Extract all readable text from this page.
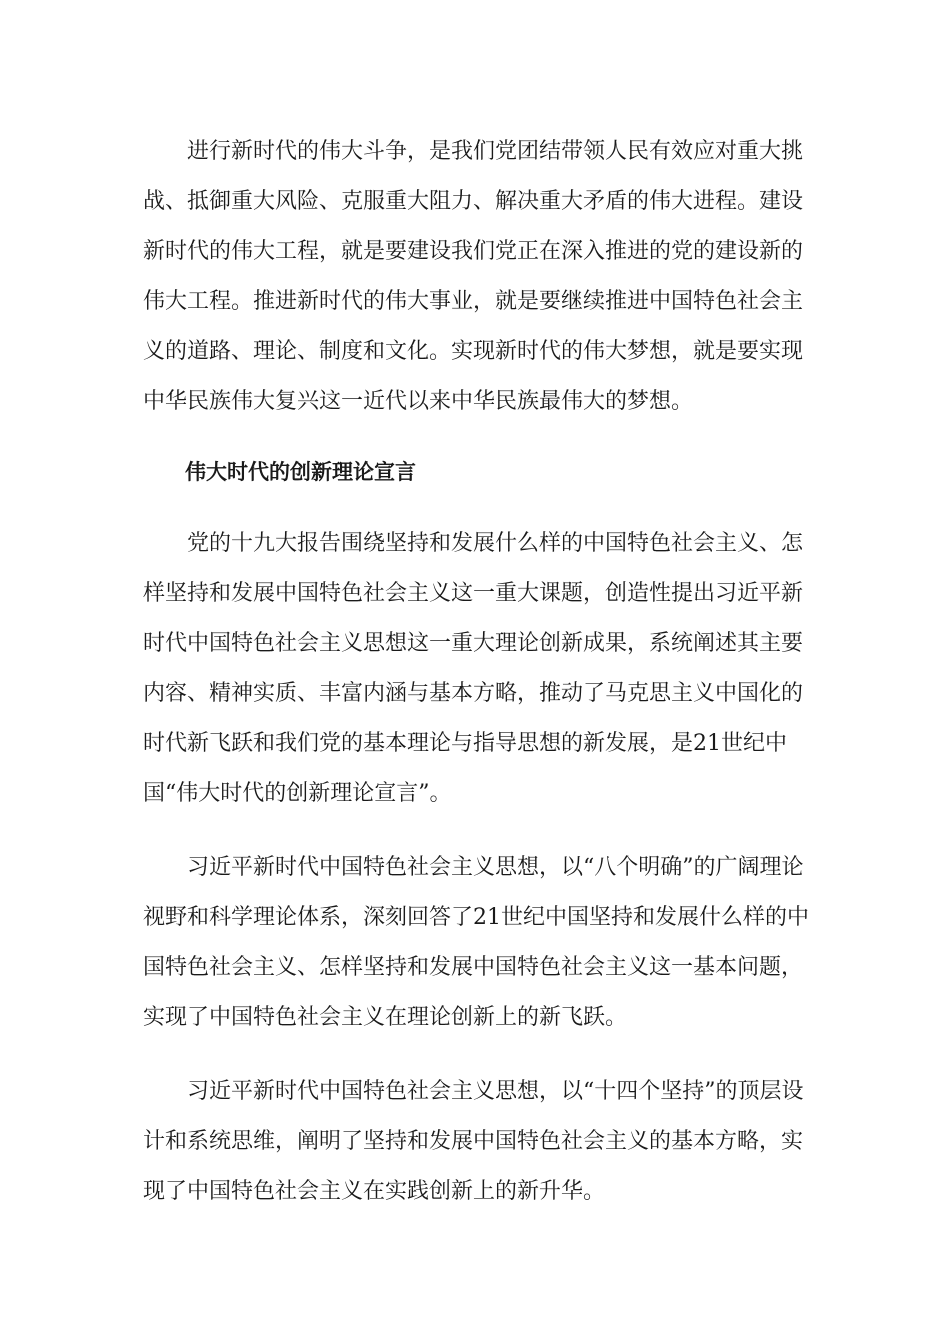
进行新时代的伟大斗争，是我们党团结带领人民有效应对重大挑战、抵御重大风险、克服重大阻力、解决重大矛盾的伟大进程。建设新时代的伟大工程，就是要建设我们党正在深入推进的党的建设新的伟大工程。推进新时代的伟大事业，就是要继续推进中国特色社会主义的道路、理论、制度和文化。实现新时代的伟大梦想，就是要实现中华民族伟大复兴这一近代以来中华民族最伟大的梦想。

伟大时代的创新理论宣言

党的十九大报告围绕坚持和发展什么样的中国特色社会主义、怎样坚持和发展中国特色社会主义这一重大课题，创造性提出习近平新时代中国特色社会主义思想这一重大理论创新成果，系统阐述其主要内容、精神实质、丰富内涵与基本方略，推动了马克思主义中国化的时代新飞跃和我们党的基本理论与指导思想的新发展，是21世纪中国“伟大时代的创新理论宣言”。

习近平新时代中国特色社会主义思想，以“八个明确”的广阔理论视野和科学理论体系，深刻回答了21世纪中国坚持和发展什么样的中国特色社会主义、怎样坚持和发展中国特色社会主义这一基本问题，实现了中国特色社会主义在理论创新上的新飞跃。

习近平新时代中国特色社会主义思想，以“十四个坚持”的顶层设计和系统思维，阐明了坚持和发展中国特色社会主义的基本方略，实现了中国特色社会主义在实践创新上的新升华。
